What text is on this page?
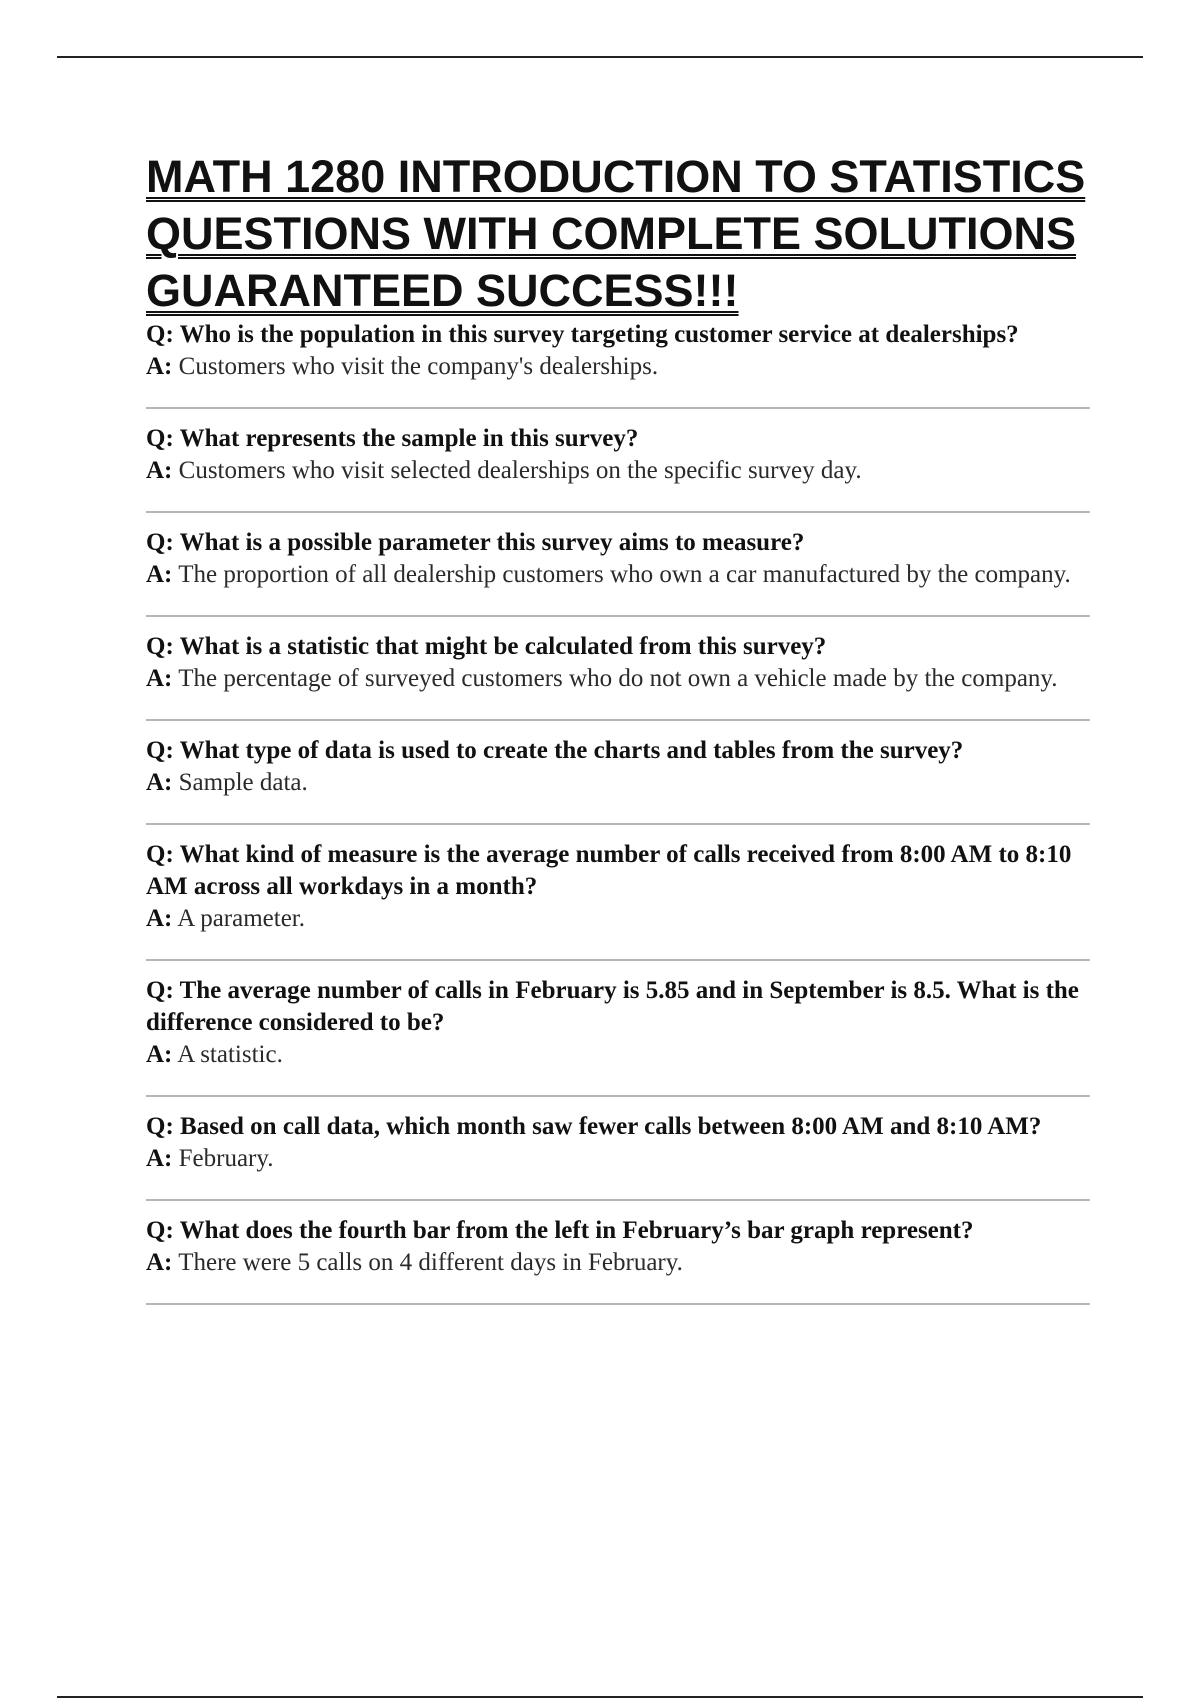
MATH 1280 INTRODUCTION TO STATISTICS QUESTIONS WITH COMPLETE SOLUTIONS GUARANTEED SUCCESS!!!
Q: Who is the population in this survey targeting customer service at dealerships?
A: Customers who visit the company's dealerships.
Q: What represents the sample in this survey?
A: Customers who visit selected dealerships on the specific survey day.
Q: What is a possible parameter this survey aims to measure?
A: The proportion of all dealership customers who own a car manufactured by the company.
Q: What is a statistic that might be calculated from this survey?
A: The percentage of surveyed customers who do not own a vehicle made by the company.
Q: What type of data is used to create the charts and tables from the survey?
A: Sample data.
Q: What kind of measure is the average number of calls received from 8:00 AM to 8:10 AM across all workdays in a month?
A: A parameter.
Q: The average number of calls in February is 5.85 and in September is 8.5. What is the difference considered to be?
A: A statistic.
Q: Based on call data, which month saw fewer calls between 8:00 AM and 8:10 AM?
A: February.
Q: What does the fourth bar from the left in February’s bar graph represent?
A: There were 5 calls on 4 different days in February.
